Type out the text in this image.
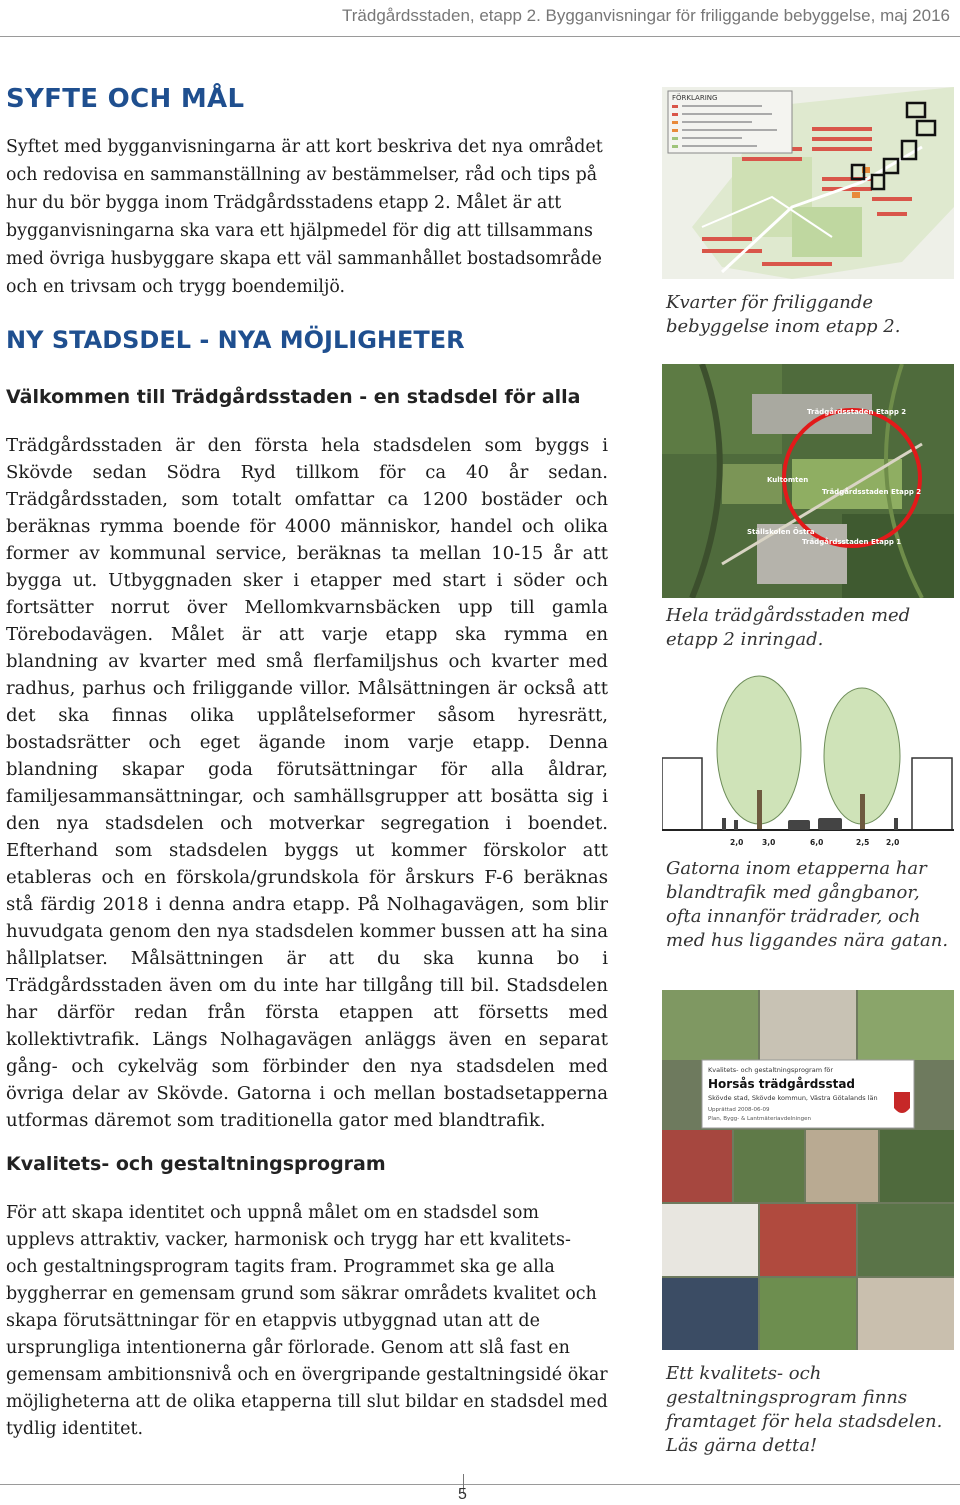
Trädgårdsstaden, etapp 2. Bygganvisningar för friliggande bebyggelse, maj 2016
SYFTE OCH MÅL

Syftet med bygganvisningarna är att kort beskriva det nya området och redovisa en sammanställning av bestämmelser, råd och tips på hur du bör bygga inom Trädgårdsstadens etapp 2. Målet är att bygganvisningarna ska vara ett hjälpmedel för dig att tillsammans med övriga husbyggare skapa ett väl sammanhållet bostadsområde och en trivsam och trygg boendemiljö.

NY STADSDEL - NYA MÖJLIGHETER
Välkommen till Trädgårdsstaden - en stadsdel för alla

Trädgårdsstaden är den första hela stadsdelen som byggs i Skövde sedan Södra Ryd tillkom för ca 40 år sedan. Trädgårdsstaden, som totalt omfattar ca 1200 bostäder och beräknas rymma boende för 4000 människor, handel och olika former av kommunal service, beräknas ta mellan 10-15 år att bygga ut. Utbyggnaden sker i etapper med start i söder och fortsätter norrut över Mellomkvarnsbäcken upp till gamla Törebodavägen. Målet är att varje etapp ska rymma en blandning av kvarter med små flerfamiljshus och kvarter med radhus, parhus och friliggande villor. Målsättningen är också att det ska finnas olika upplåtelseformer såsom hyresrätt, bostadsrätter och eget ägande inom varje etapp. Denna blandning skapar goda förutsättningar för alla åldrar, familjesammansättningar, och samhällsgrupper att bosätta sig i den nya stadsdelen och motverkar segregation i boendet. Efterhand som stadsdelen byggs ut kommer förskolor att etableras och en förskola/grundskola för årskurs F-6 beräknas stå färdig 2018 i denna andra etapp. På Nolhagavägen, som blir huvudgata genom den nya stadsdelen kommer bussen att ha sina hållplatser. Målsättningen är att du ska kunna bo i Trädgårdsstaden även om du inte har tillgång till bil. Stadsdelen har därför redan från första etappen att försetts med kollektivtrafik. Längs Nolhagavägen anläggs även en separat gång- och cykelväg som förbinder den nya stadsdelen med övriga delar av Skövde. Gatorna i och mellan bostadsetapperna utformas däremot som traditionella gator med blandtrafik.

Kvalitets- och gestaltningsprogram

För att skapa identitet och uppnå målet om en stadsdel som upplevs attraktiv, vacker, harmonisk och trygg har ett kvalitets- och gestaltningsprogram tagits fram. Programmet ska ge alla byggherrar en gemensam grund som säkrar områdets kvalitet och skapa förutsättningar för en etappvis utbyggnad utan att de ursprungliga intentionerna går förlorade. Genom att slå fast en gemensam ambitionsnivå och en övergripande gestaltningsidé ökar möjligheterna att de olika etapperna till slut bildar en stadsdel med tydlig identitet.

FÖRKLARING

Kvarter för friliggande bebyggelse inom etapp 2.

Trädgårdsstaden Etapp 2
Kultomten
Trädgårdsstaden Etapp 2
Ställskolen Östra
Trädgårdsstaden Etapp 1

Hela trädgårdsstaden med etapp 2 inringad.

2,0 3,0	6,0	2,5 2,0

Gatorna inom etapperna har blandtrafik med gångbanor, ofta innanför trädrader, och med hus liggandes nära gatan.

Kvalitets- och gestaltningsprogram för
Horsås trädgårdsstad
Skövde stad, Skövde kommun, Västra Götalands län
Upprättad 2008-06-09
Plan, Bygg- & Lantmäteriavdelningen

Ett kvalitets- och gestaltningsprogram finns framtaget för hela stadsdelen. Läs gärna detta!

5
